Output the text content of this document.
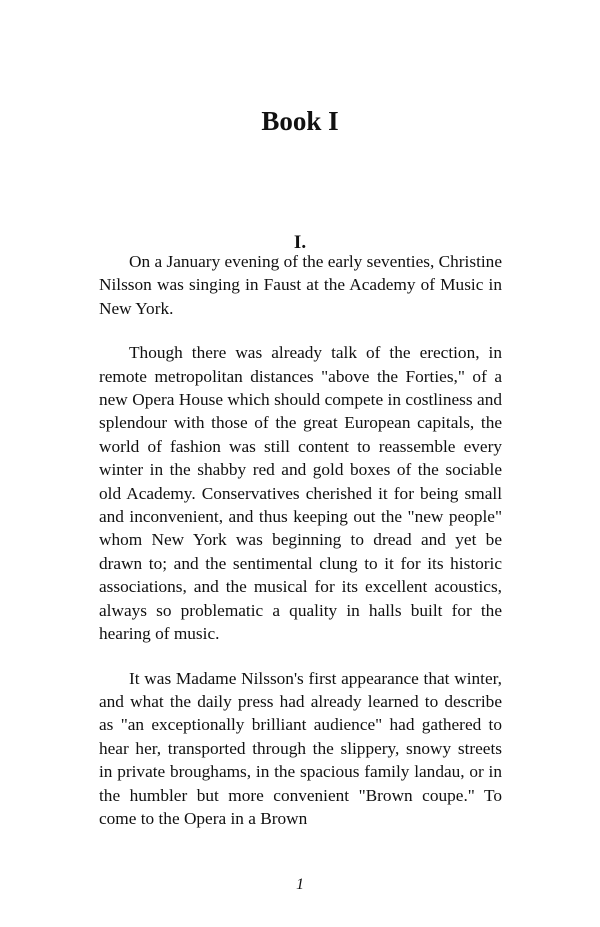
Book I
I.

On a January evening of the early seventies, Christine Nilsson was singing in Faust at the Academy of Music in New York.

Though there was already talk of the erection, in remote metropolitan distances "above the Forties," of a new Opera House which should compete in costliness and splendour with those of the great European capitals, the world of fashion was still content to reassemble every winter in the shabby red and gold boxes of the sociable old Academy. Conservatives cherished it for being small and inconvenient, and thus keeping out the "new people" whom New York was beginning to dread and yet be drawn to; and the sentimental clung to it for its historic associations, and the musical for its excellent acoustics, always so problematic a quality in halls built for the hearing of music.

It was Madame Nilsson's first appearance that winter, and what the daily press had already learned to describe as "an exceptionally brilliant audience" had gathered to hear her, transported through the slippery, snowy streets in private broughams, in the spacious family landau, or in the humbler but more convenient "Brown coupe." To come to the Opera in a Brown

1
